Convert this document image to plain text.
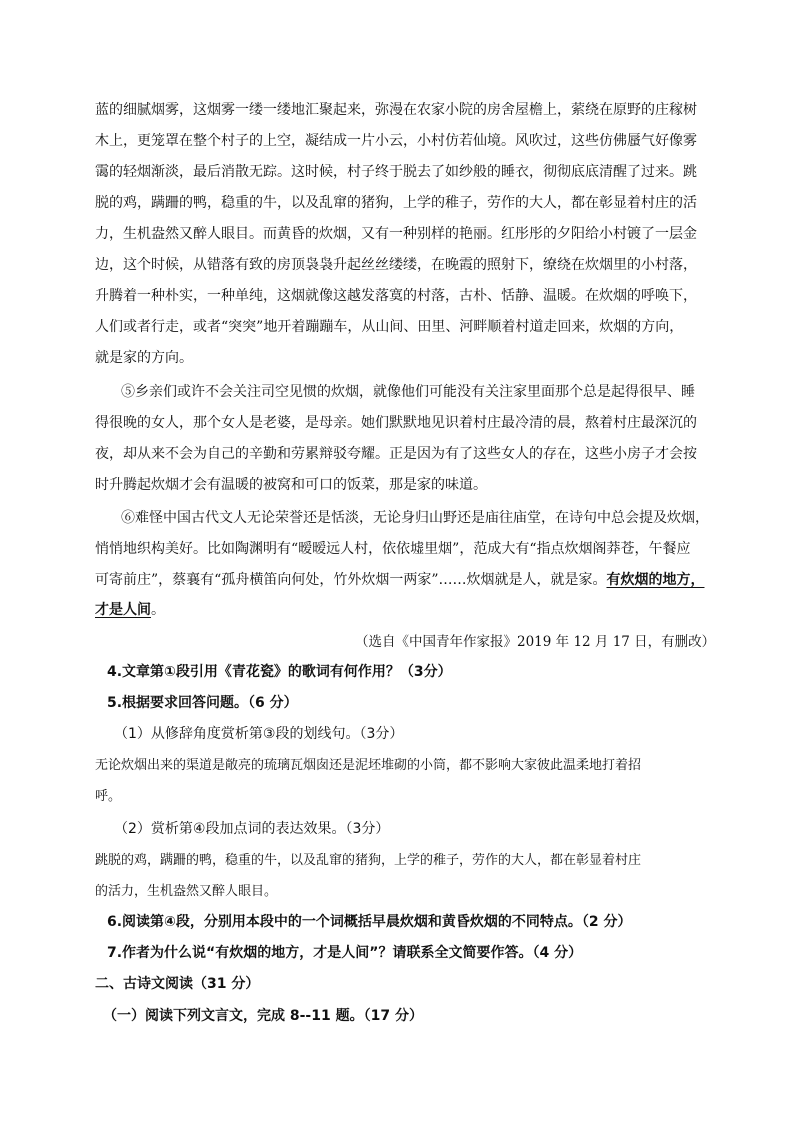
蓝的细腻烟雾，这烟雾一缕一缕地汇聚起来，弥漫在农家小院的房舍屋檐上，萦绕在原野的庄稼树
木上，更笼罩在整个村子的上空，凝结成一片小云，小村仿若仙境。风吹过，这些仿佛蜃气好像雾
霭的轻烟渐淡，最后消散无踪。这时候，村子终于脱去了如纱般的睡衣，彻彻底底清醒了过来。跳
脱的鸡，蹒跚的鸭，稳重的牛，以及乱窜的猪狗，上学的稚子，劳作的大人，都在彰显着村庄的活
力，生机盎然又醉人眼目。而黄昏的炊烟，又有一种别样的艳丽。红彤彤的夕阳给小村镀了一层金
边，这个时候，从错落有致的房顶袅袅升起丝丝缕缕，在晚霞的照射下，缭绕在炊烟里的小村落，
升腾着一种朴实，一种单纯，这烟就像这越发落寞的村落，古朴、恬静、温暖。在炊烟的呼唤下，
人们或者行走，或者“突突”地开着蹦蹦车，从山间、田里、河畔顺着村道走回来，炊烟的方向，
就是家的方向。
⑤乡亲们或许不会关注司空见惯的炊烟，就像他们可能没有关注家里面那个总是起得很早、睡
得很晚的女人，那个女人是老婆，是母亲。她们默默地见识着村庄最冷清的晨，熬着村庄最深沉的
夜，却从来不会为自己的辛勤和劳累辩驳夸耀。正是因为有了这些女人的存在，这些小房子才会按
时升腾起炊烟才会有温暖的被窝和可口的饭菜，那是家的味道。
⑥难怪中国古代文人无论荣誉还是恬淡，无论身归山野还是庙往庙堂，在诗句中总会提及炊烟，
悄悄地织构美好。比如陶渊明有“暧暧远人村，依依墟里烟”，范成大有“指点炊烟阁莽苍，午餐应
可寄前庄”，蔡襄有“孤舟横笛向何处，竹外炊烟一两家”……炊烟就是人，就是家。有炊烟的地方，
才是人间。
（选自《中国青年作家报》2019 年 12 月 17 日，有删改）
4.文章第①段引用《青花瓷》的歌词有何作用？（3分）
5.根据要求回答问题。（6 分）
（1）从修辞角度赏析第③段的划线句。（3分）
无论炊烟出来的渠道是敞亮的琉璃瓦烟囱还是泥坯堆砌的小筒，都不影响大家彼此温柔地打着招
呼。
（2）赏析第④段加点词的表达效果。（3分）
跳脱的鸡，蹒跚的鸭，稳重的牛，以及乱窜的猪狗，上学的稚子，劳作的大人，都在彰显着村庄
的活力，生机盎然又醉人眼目。
6.阅读第④段，分别用本段中的一个词概括早晨炊烟和黄昏炊烟的不同特点。（2 分）
7.作者为什么说“有炊烟的地方，才是人间”？请联系全文简要作答。（4 分）
二、古诗文阅读（31 分）
（一）阅读下列文言文，完成 8--11 题。（17 分）
